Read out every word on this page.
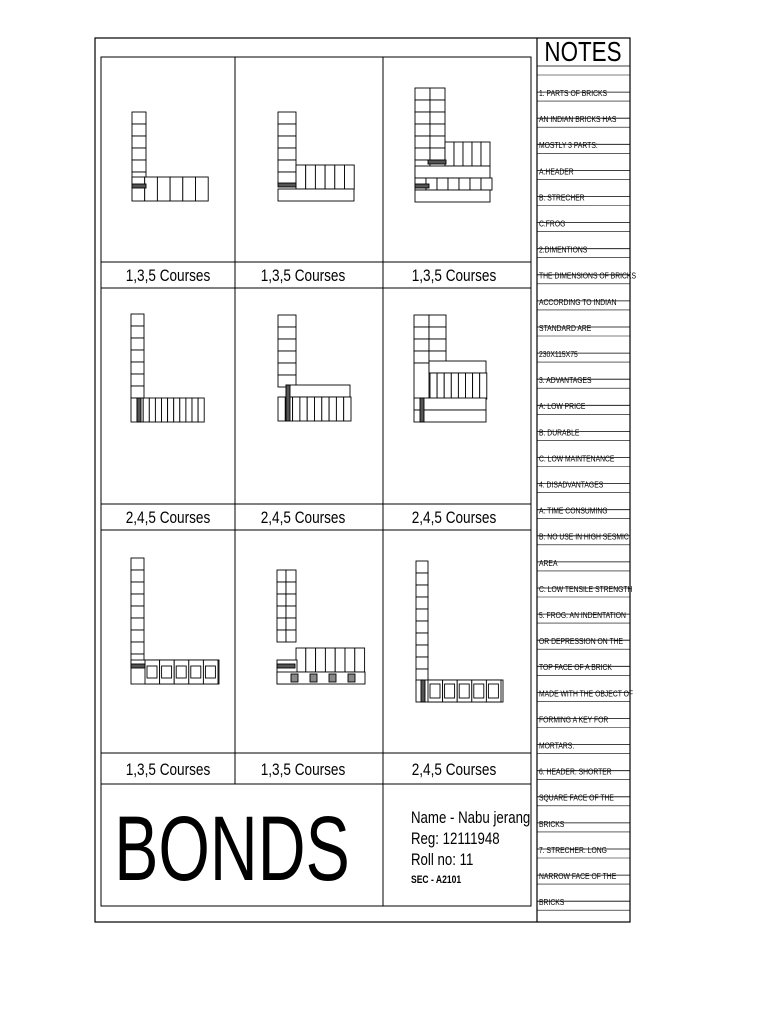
NOTES
1. PARTS OF BRICKS
AN INDIAN BRICKS HAS
MOSTLY 3 PARTS:
A:HEADER
B: STRECHER
C:FROG
2.DIMENTIONS
THE DIMENSIONS OF BRICKS
ACCORDING TO INDIAN
STANDARD ARE
230X115X75
3. ADVANTAGES
A: LOW PRICE
B: DURABLE
C. LOW MAINTENANCE
4. DISADVANTAGES
A: TIME CONSUMING
B: NO USE IN HIGH SESMIC
AREA
C: LOW TENSILE STRENGTH
5. FROG: AN INDENTATION
OR DEPRESSION ON THE
TOP FACE OF A BRICK
MADE WITH THE OBJECT OF
FORMING A KEY FOR
MORTARS.
6. HEADER: SHORTER
SQUARE FACE OF THE
BRICKS
7. STRECHER: LONG
NARROW FACE OF THE
BRICKS
1,3,5 Courses	1,3,5 Courses	1,3,5 Courses
2,4,5 Courses	2,4,5 Courses	2,4,5 Courses
1,3,5 Courses	1,3,5 Courses	2,4,5 Courses
BONDS	Name - Nabu jerang
Reg: 12111948
Roll no: 11
SEC - A2101
